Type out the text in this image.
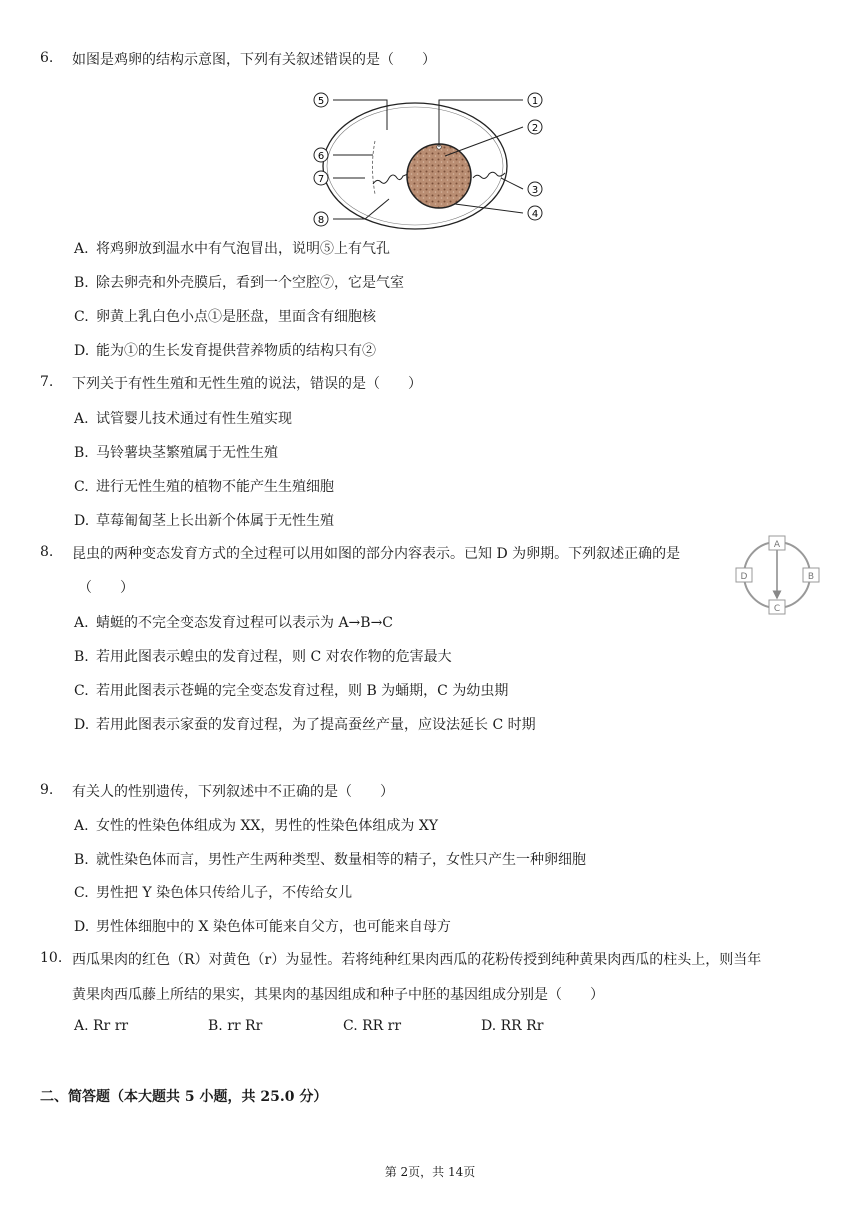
6.	如图是鸡卵的结构示意图，下列有关叙述错误的是（　　）
1
2
3
4
5
6
7
8
A. 将鸡卵放到温水中有气泡冒出，说明⑤上有气孔
B. 除去卵壳和外壳膜后，看到一个空腔⑦，它是气室
C. 卵黄上乳白色小点①是胚盘，里面含有细胞核
D. 能为①的生长发育提供营养物质的结构只有②
7.	下列关于有性生殖和无性生殖的说法，错误的是（　　）
A. 试管婴儿技术通过有性生殖实现
B. 马铃薯块茎繁殖属于无性生殖
C. 进行无性生殖的植物不能产生生殖细胞
D. 草莓匍匐茎上长出新个体属于无性生殖
8.	昆虫的两种变态发育方式的全过程可以用如图的部分内容表示。已知 D 为卵期。下列叙述正确的是
（　　）
A
B
C
D
A. 蜻蜓的不完全变态发育过程可以表示为 A→B→C
B. 若用此图表示蝗虫的发育过程，则 C 对农作物的危害最大
C. 若用此图表示苍蝇的完全变态发育过程，则 B 为蛹期，C 为幼虫期
D. 若用此图表示家蚕的发育过程，为了提高蚕丝产量，应设法延长 C 时期
9.	有关人的性别遗传，下列叙述中不正确的是（　　）
A. 女性的性染色体组成为 XX，男性的性染色体组成为 XY
B. 就性染色体而言，男性产生两种类型、数量相等的精子，女性只产生一种卵细胞
C. 男性把 Y 染色体只传给儿子，不传给女儿
D. 男性体细胞中的 X 染色体可能来自父方，也可能来自母方
10. 西瓜果肉的红色（R）对黄色（r）为显性。若将纯种红果肉西瓜的花粉传授到纯种黄果肉西瓜的柱头上，则当年
黄果肉西瓜藤上所结的果实，其果肉的基因组成和种子中胚的基因组成分别是（　　）
A. Rr rr	B. rr Rr	C. RR rr	D. RR Rr
二、简答题（本大题共 5 小题，共 25.0 分）
第 2页，共 14页
